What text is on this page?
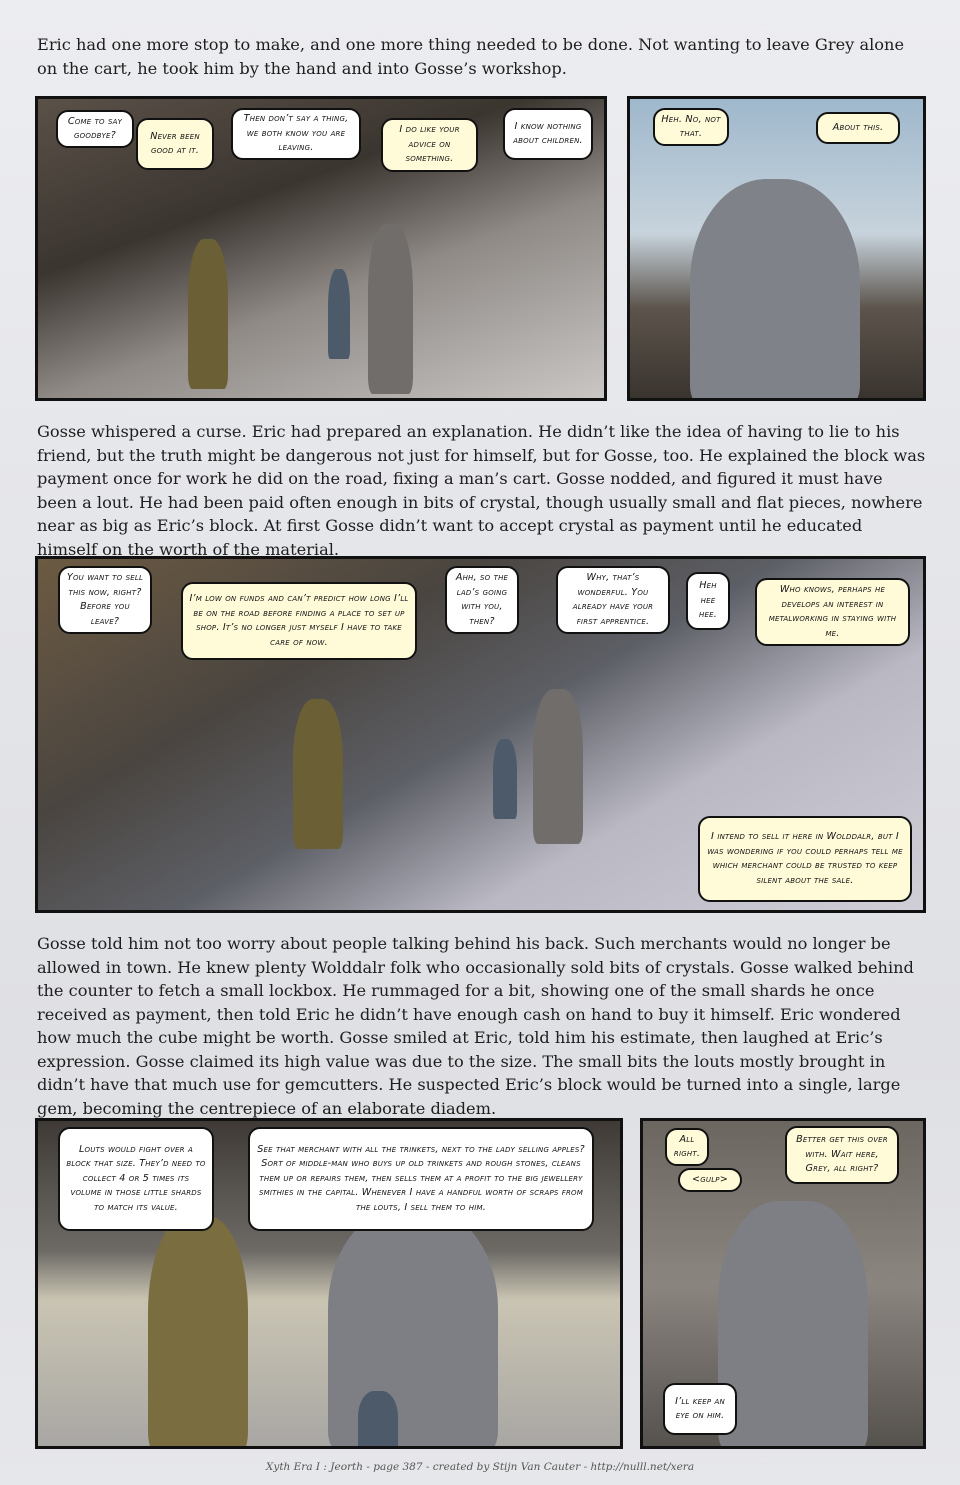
Eric had one more stop to make, and one more thing needed to be done. Not wanting to leave Grey alone on the cart, he took him by the hand and into Gosse’s workshop.

Gosse whispered a curse. Eric had prepared an explanation. He didn’t like the idea of having to lie to his friend, but the truth might be dangerous not just for himself, but for Gosse, too. He explained the block was payment once for work he did on the road, fixing a man’s cart. Gosse nodded, and figured it must have been a lout. He had been paid often enough in bits of crystal, though usually small and flat pieces, nowhere near as big as Eric’s block. At first Gosse didn’t want to accept crystal as payment until he educated himself on the worth of the material.

Gosse told him not too worry about people talking behind his back. Such merchants would no longer be allowed in town. He knew plenty Wolddalr folk who occasionally sold bits of crystals. Gosse walked behind the counter to fetch a small lockbox. He rummaged for a bit, showing one of the small shards he once received as payment, then told Eric he didn’t have enough cash on hand to buy it himself. Eric wondered how much the cube might be worth. Gosse smiled at Eric, told him his estimate, then laughed at Eric’s expression. Gosse claimed its high value was due to the size. The small bits the louts mostly brought in didn’t have that much use for gemcutters. He suspected Eric’s block would be turned into a single, large gem, becoming the centrepiece of an elaborate diadem.

Come to say goodbye?	Never been good at it.
Then don’t say a thing, we both know you are leaving.
I do like your advice on something.
I know nothing about children.
Heh. No, not that.
About this.
You want to sell this now, right? Before you leave?
I’m low on funds and can’t predict how long I’ll be on the road before finding a place to set up shop. It’s no longer just myself I have to take care of now.
Ahh, so the lad’s going with you, then?
Why, that’s wonderful. You already have your first apprentice.
Heh hee hee.
Who knows, perhaps he develops an interest in metalworking in staying with me.
I intend to sell it here in Wolddalr, but I was wondering if you could perhaps tell me which merchant could be trusted to keep silent about the sale.
Louts would fight over a block that size. They’d need to collect 4 or 5 times its volume in those little shards to match its value.
See that merchant with all the trinkets, next to the lady selling apples? Sort of middle-man who buys up old trinkets and rough stones, cleans them up or repairs them, then sells them at a profit to the big jewellery smithies in the capital. Whenever I have a handful worth of scraps from the louts, I sell them to him.
All right.
<gulp>
Better get this over with. Wait here, Grey, all right?
I’ll keep an eye on him.
Xyth Era I : Jeorth - page 387 - created by Stijn Van Cauter - http://nulll.net/xera
